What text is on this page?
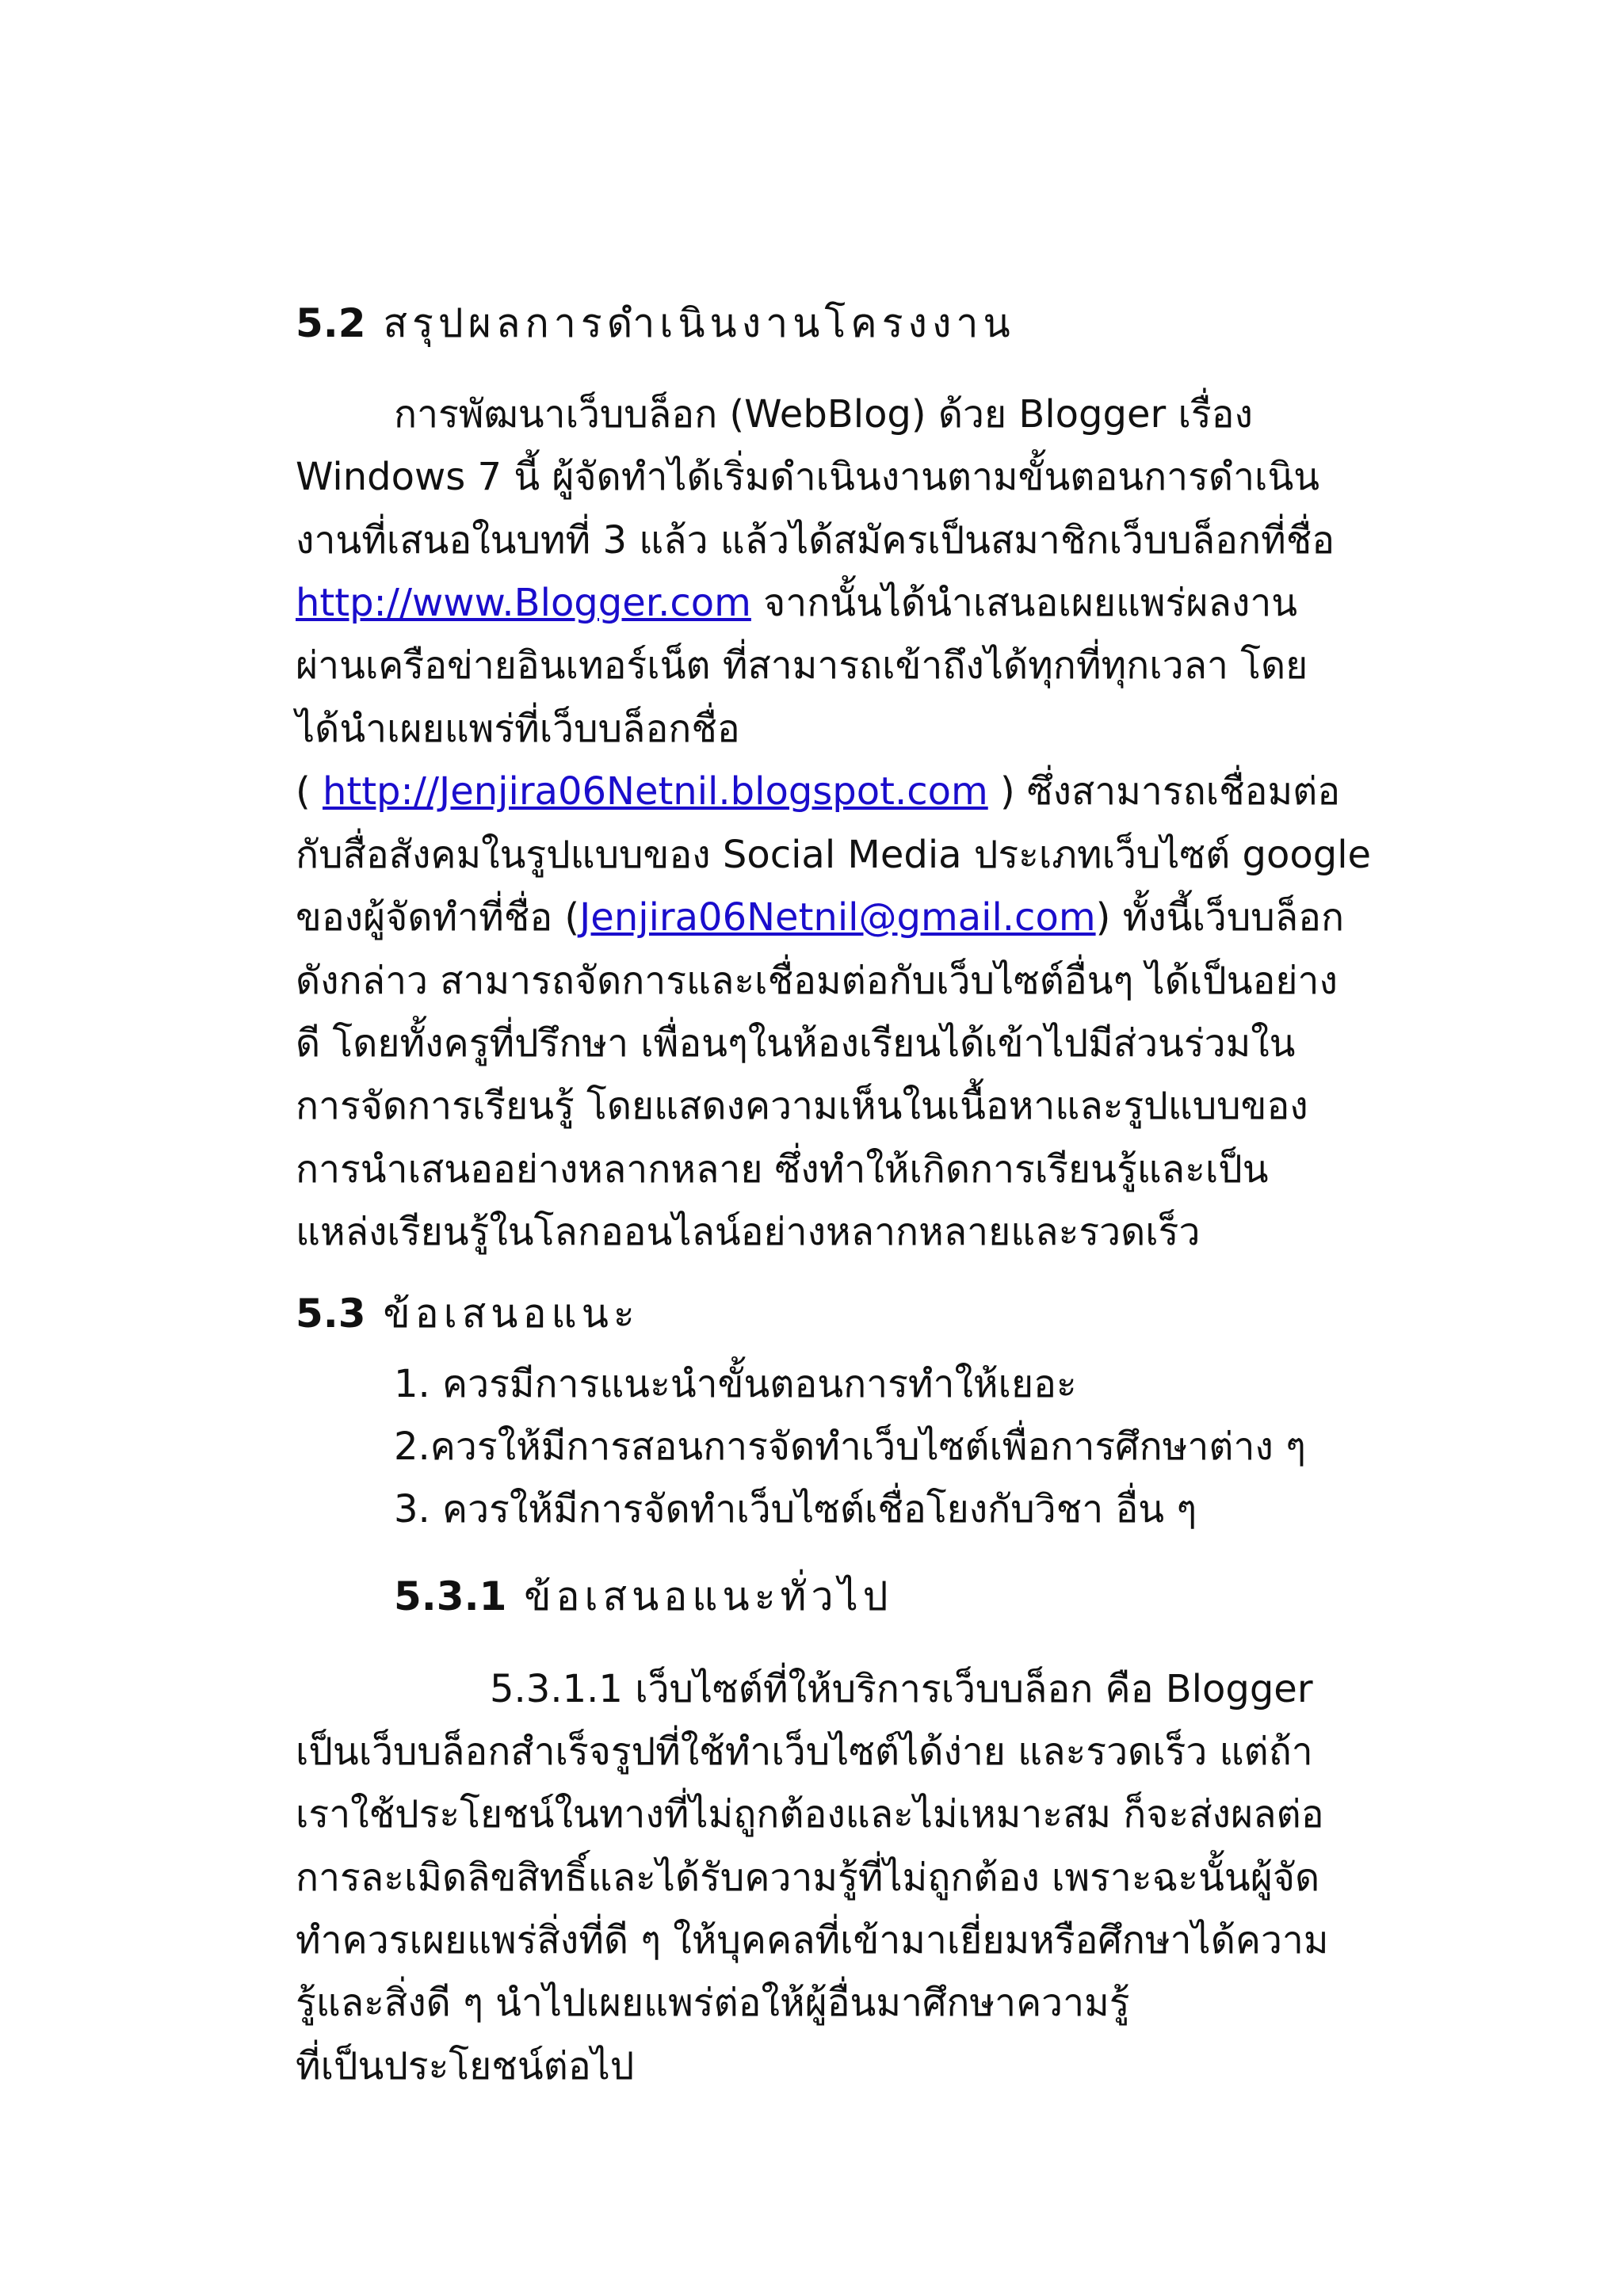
5.2 สรุปผลการดำเนินงานโครงงาน
การพัฒนาเว็บบล็อก (WebBlog) ด้วย Blogger เรื่อง
Windows 7 นี้ ผู้จัดทำได้เริ่มดำเนินงานตามขั้นตอนการดำเนิน
งานที่เสนอในบทที่ 3 แล้ว แล้วได้สมัครเป็นสมาชิกเว็บบล็อกที่ชื่อ
http://www.Blogger.com จากนั้นได้นำเสนอเผยแพร่ผลงาน
ผ่านเครือข่ายอินเทอร์เน็ต ที่สามารถเข้าถึงได้ทุกที่ทุกเวลา โดย
ได้นำเผยแพร่ที่เว็บบล็อกชื่อ
( http://Jenjira06Netnil.blogspot.com ) ซึ่งสามารถเชื่อมต่อ
กับสื่อสังคมในรูปแบบของ Social Media ประเภทเว็บไซต์ google
ของผู้จัดทำที่ชื่อ (Jenjira06Netnil@gmail.com) ทั้งนี้เว็บบล็อก
ดังกล่าว สามารถจัดการและเชื่อมต่อกับเว็บไซต์อื่นๆ ได้เป็นอย่าง
ดี โดยทั้งครูที่ปรึกษา เพื่อนๆในห้องเรียนได้เข้าไปมีส่วนร่วมใน
การจัดการเรียนรู้ โดยแสดงความเห็นในเนื้อหาและรูปแบบของ
การนำเสนออย่างหลากหลาย ซึ่งทำให้เกิดการเรียนรู้และเป็น
แหล่งเรียนรู้ในโลกออนไลน์อย่างหลากหลายและรวดเร็ว
5.3 ข้อเสนอแนะ
1. ควรมีการแนะนำขั้นตอนการทำให้เยอะ
2.ควรให้มีการสอนการจัดทำเว็บไซต์เพื่อการศึกษาต่าง ๆ
3. ควรให้มีการจัดทำเว็บไซต์เชื่อโยงกับวิชา อื่น ๆ
5.3.1 ข้อเสนอแนะทั่วไป
5.3.1.1 เว็บไซต์ที่ให้บริการเว็บบล็อก คือ Blogger
เป็นเว็บบล็อกสำเร็จรูปที่ใช้ทำเว็บไซต์ได้ง่าย และรวดเร็ว แต่ถ้า
เราใช้ประโยชน์ในทางที่ไม่ถูกต้องและไม่เหมาะสม ก็จะส่งผลต่อ
การละเมิดลิขสิทธิ์และได้รับความรู้ที่ไม่ถูกต้อง เพราะฉะนั้นผู้จัด
ทำควรเผยแพร่สิ่งที่ดี ๆ ให้บุคคลที่เข้ามาเยี่ยมหรือศึกษาได้ความ
รู้และสิ่งดี ๆ นำไปเผยแพร่ต่อให้ผู้อื่นมาศึกษาความรู้
ที่เป็นประโยชน์ต่อไป
